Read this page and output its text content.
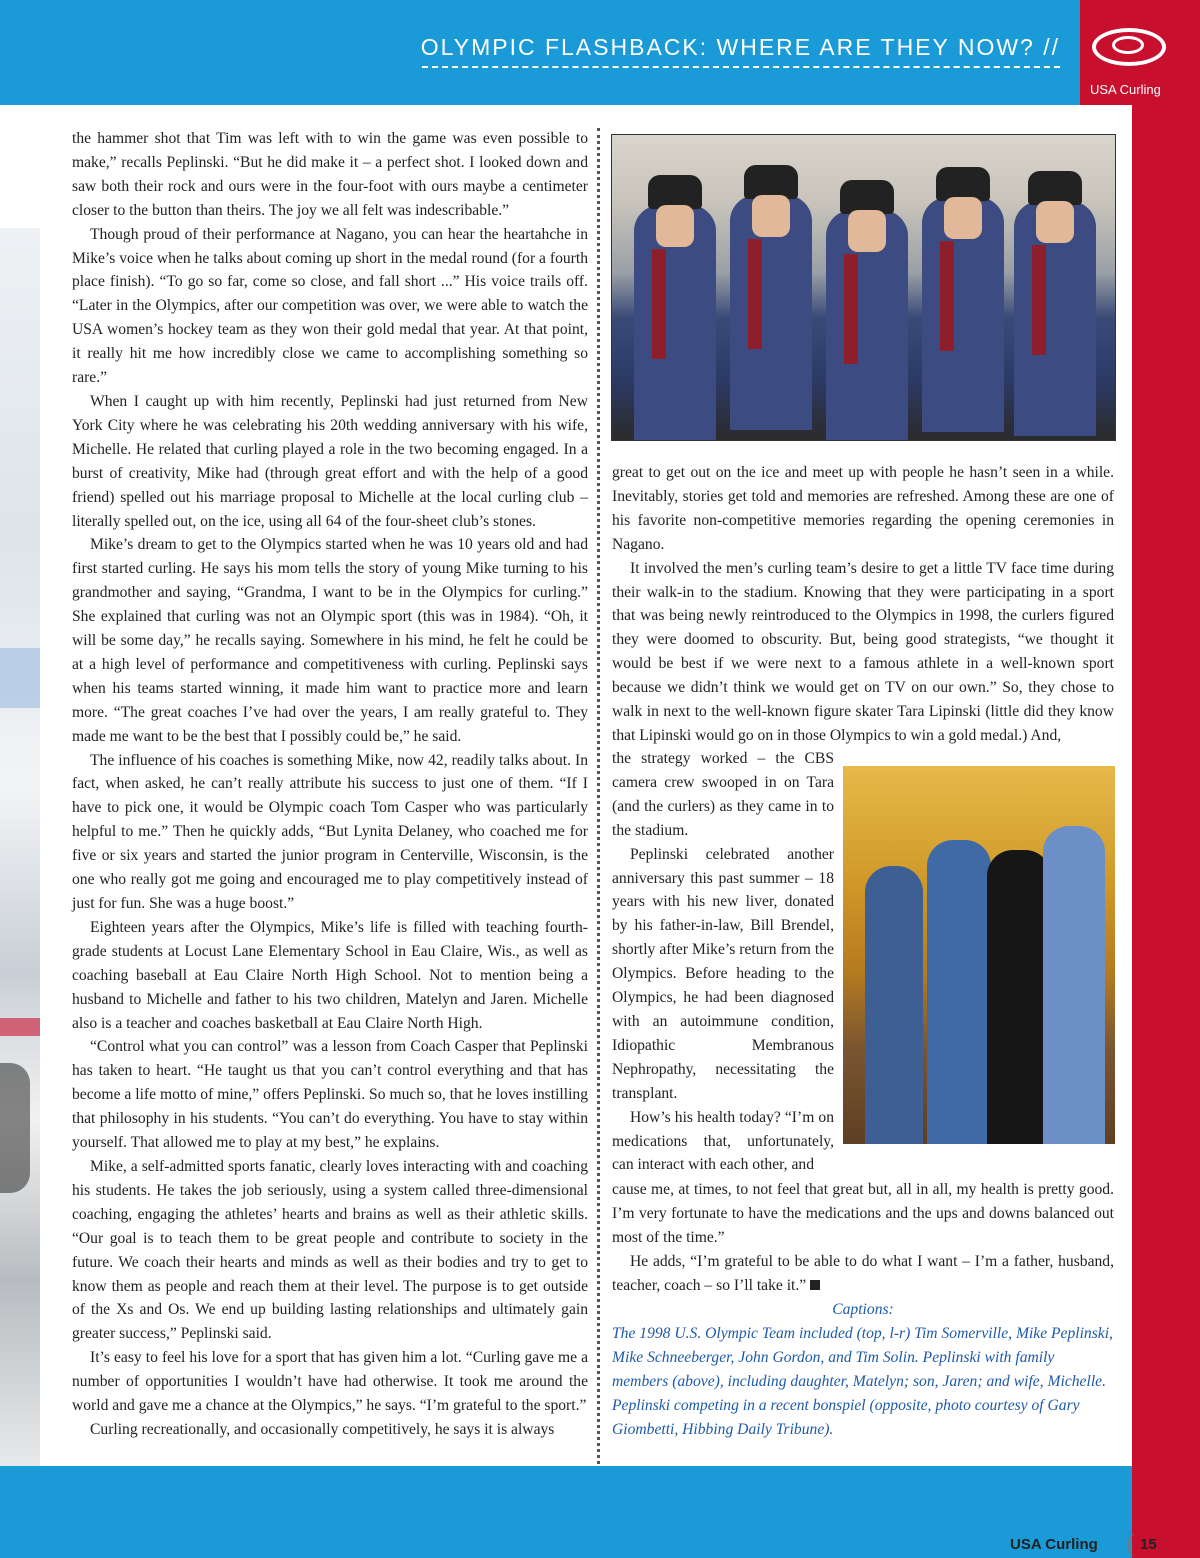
OLYMPIC FLASHBACK: WHERE ARE THEY NOW? //
USA Curling

the hammer shot that Tim was left with to win the game was even possible to make,” recalls Peplinski. “But he did make it – a perfect shot. I looked down and saw both their rock and ours were in the four-foot with ours maybe a centimeter closer to the button than theirs. The joy we all felt was indescribable.”

Though proud of their performance at Nagano, you can hear the heartahche in Mike’s voice when he talks about coming up short in the medal round (for a fourth place finish). “To go so far, come so close, and fall short ...” His voice trails off. “Later in the Olympics, after our competition was over, we were able to watch the USA women’s hockey team as they won their gold medal that year. At that point, it really hit me how incredibly close we came to accomplishing something so rare.”

When I caught up with him recently, Peplinski had just returned from New York City where he was celebrating his 20th wedding anniversary with his wife, Michelle. He related that curling played a role in the two becoming engaged. In a burst of creativity, Mike had (through great effort and with the help of a good friend) spelled out his marriage proposal to Michelle at the local curling club – literally spelled out, on the ice, using all 64 of the four-sheet club’s stones.

Mike’s dream to get to the Olympics started when he was 10 years old and had first started curling. He says his mom tells the story of young Mike turning to his grandmother and saying, “Grandma, I want to be in the Olympics for curling.” She explained that curling was not an Olympic sport (this was in 1984). “Oh, it will be some day,” he recalls saying. Somewhere in his mind, he felt he could be at a high level of performance and competitiveness with curling. Peplinski says when his teams started winning, it made him want to practice more and learn more. “The great coaches I’ve had over the years, I am really grateful to. They made me want to be the best that I possibly could be,” he said.

The influence of his coaches is something Mike, now 42, readily talks about. In fact, when asked, he can’t really attribute his success to just one of them. “If I have to pick one, it would be Olympic coach Tom Casper who was particularly helpful to me.” Then he quickly adds, “But Lynita Delaney, who coached me for five or six years and started the junior program in Centerville, Wisconsin, is the one who really got me going and encouraged me to play competitively instead of just for fun. She was a huge boost.”

Eighteen years after the Olympics, Mike’s life is filled with teaching fourth-grade students at Locust Lane Elementary School in Eau Claire, Wis., as well as coaching baseball at Eau Claire North High School. Not to mention being a husband to Michelle and father to his two children, Matelyn and Jaren. Michelle also is a teacher and coaches basketball at Eau Claire North High.

“Control what you can control” was a lesson from Coach Casper that Peplinski has taken to heart. “He taught us that you can’t control everything and that has become a life motto of mine,” offers Peplinski. So much so, that he loves instilling that philosophy in his students. “You can’t do everything. You have to stay within yourself. That allowed me to play at my best,” he explains.

Mike, a self-admitted sports fanatic, clearly loves interacting with and coaching his students. He takes the job seriously, using a system called three-dimensional coaching, engaging the athletes’ hearts and brains as well as their athletic skills. “Our goal is to teach them to be great people and contribute to society in the future. We coach their hearts and minds as well as their bodies and try to get to know them as people and reach them at their level. The purpose is to get outside of the Xs and Os. We end up building lasting relationships and ultimately gain greater success,” Peplinski said.

It’s easy to feel his love for a sport that has given him a lot. “Curling gave me a number of opportunities I wouldn’t have had otherwise. It took me around the world and gave me a chance at the Olympics,” he says. “I’m grateful to the sport.”

Curling recreationally, and occasionally competitively, he says it is always

great to get out on the ice and meet up with people he hasn’t seen in a while. Inevitably, stories get told and memories are refreshed. Among these are one of his favorite non-competitive memories regarding the opening ceremonies in Nagano.

It involved the men’s curling team’s desire to get a little TV face time during their walk-in to the stadium. Knowing that they were participating in a sport that was being newly reintroduced to the Olympics in 1998, the curlers figured they were doomed to obscurity. But, being good strategists, “we thought it would be best if we were next to a famous athlete in a well-known sport because we didn’t think we would get on TV on our own.” So, they chose to walk in next to the well-known figure skater Tara Lipinski (little did they know that Lipinski would go on in those Olympics to win a gold medal.) And,

the strategy worked – the CBS camera crew swooped in on Tara (and the curlers) as they came in to the stadium.

Peplinski celebrated another anniversary this past summer – 18 years with his new liver, donated by his father-in-law, Bill Brendel, shortly after Mike’s return from the Olympics. Before heading to the Olympics, he had been diagnosed with an autoimmune condition, Idiopathic Membranous Nephropathy, necessitating the transplant.

How’s his health today? “I’m on medications that, unfortunately, can interact with each other, and

cause me, at times, to not feel that great but, all in all, my health is pretty good. I’m very fortunate to have the medications and the ups and downs balanced out most of the time.”

He adds, “I’m grateful to be able to do what I want – I’m a father, husband, teacher, coach – so I’ll take it.”

Captions:
The 1998 U.S. Olympic Team included (top, l-r) Tim Somerville, Mike Peplinski, Mike Schneeberger, John Gordon, and Tim Solin. Peplinski with family members (above), including daughter, Matelyn; son, Jaren; and wife, Michelle. Peplinski competing in a recent bonspiel (opposite, photo courtesy of Gary Giombetti, Hibbing Daily Tribune).
USA Curling	15
